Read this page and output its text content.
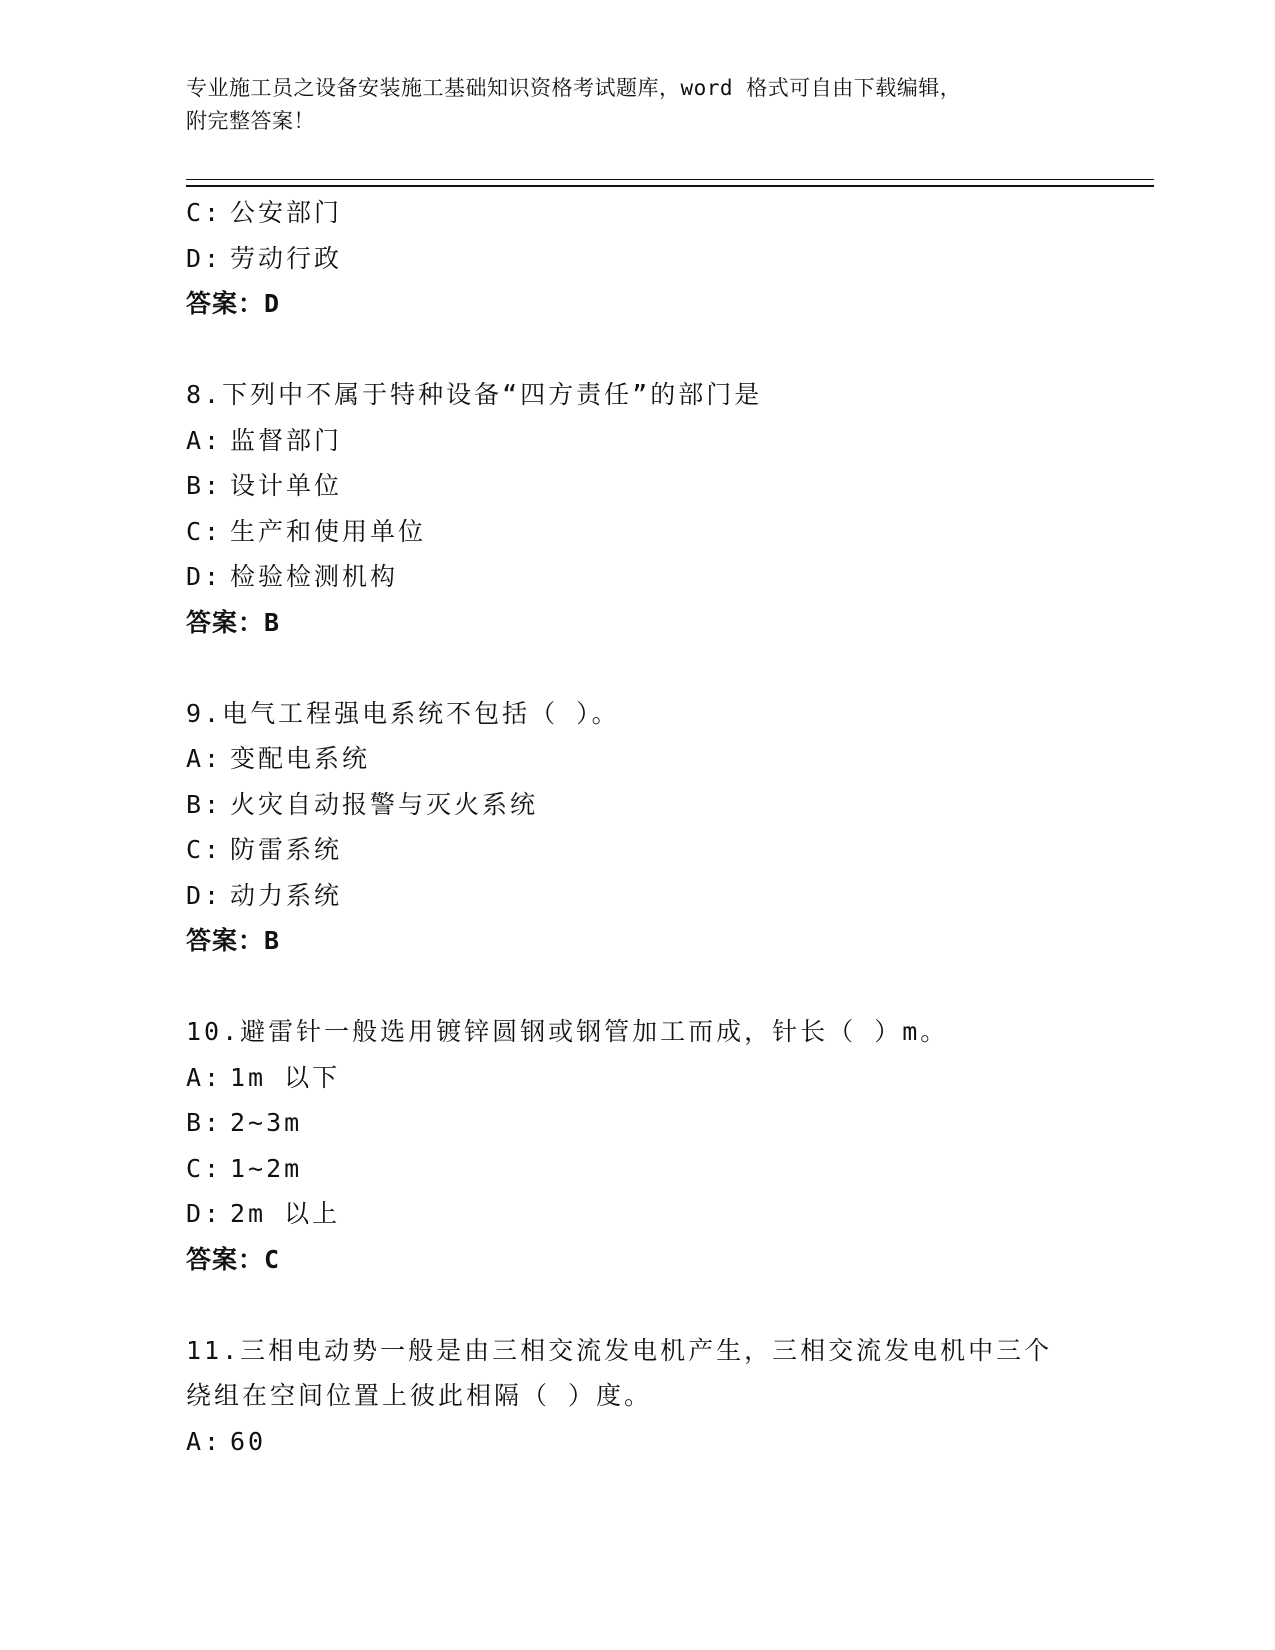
专业施工员之设备安装施工基础知识资格考试题库，word 格式可自由下载编辑，
附完整答案！
C: 公安部门
D: 劳动行政
答案：D
8.下列中不属于特种设备“四方责任”的部门是
A: 监督部门
B: 设计单位
C: 生产和使用单位
D: 检验检测机构
答案：B
9.电气工程强电系统不包括（ ）。
A: 变配电系统
B: 火灾自动报警与灭火系统
C: 防雷系统
D: 动力系统
答案：B
10.避雷针一般选用镀锌圆钢或钢管加工而成，针长（ ）m。
A: 1m 以下
B: 2~3m
C: 1~2m
D: 2m 以上
答案：C
11.三相电动势一般是由三相交流发电机产生，三相交流发电机中三个
绕组在空间位置上彼此相隔（ ）度。
A: 60
